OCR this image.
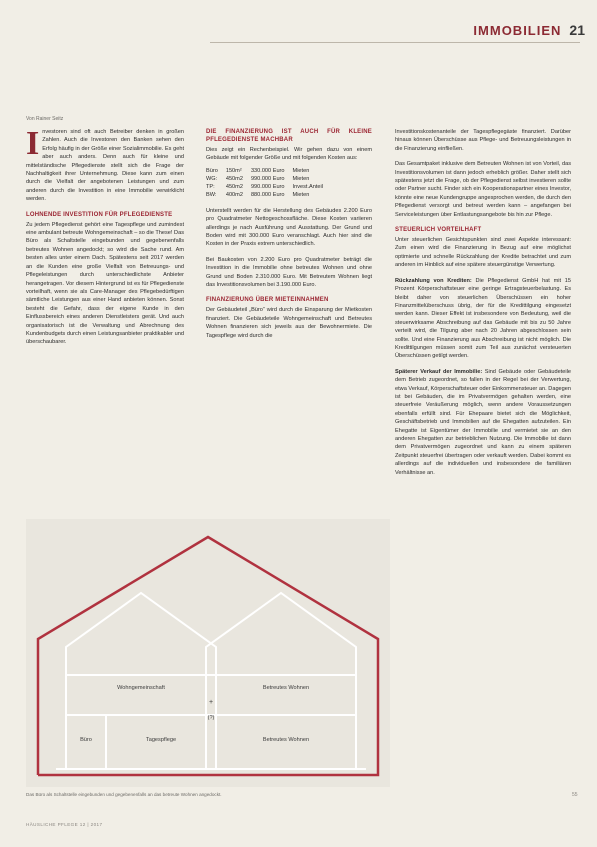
IMMOBILIEN 21
Von Rainer Seitz

I nvestoren sind oft auch Betreiber denken in großen Zahlen. Auch die Investoren den Banken sehen den Erfolg häufig in der Größe einer Sozialimmobilie. Es geht aber auch anders. Denn auch für kleine und mittelständische Pflegedienste stellt sich die Frage der Nachhaltigkeit ihrer Unternehmung. Diese kann zum einen durch die Vielfalt der angebotenen Leistungen und zum anderen durch die Investition in eine Immobilie verwirklicht werden.

LOHNENDE INVESTITION FÜR PFLEGEDIENSTE

Zu jedem Pflegedienst gehört eine Tagespflege und zumindest eine ambulant betreute Wohngemeinschaft – so die These! Das Büro als Schaltstelle eingebunden und gegebenenfalls betreutes Wohnen angedockt; so wird die Sache rund. Am besten alles unter einem Dach. Spätestens seit 2017 werden an die Kunden eine große Vielfalt von Betreuungs- und Pflegeleistungen durch unterschiedlichste Anbieter herangetragen. Vor diesem Hintergrund ist es für Pflegedienste vorteilhaft, wenn sie als Care-Manager des Pflegebedürftigen sämtliche Leistungen aus einer Hand anbieten können. Sonst besteht die Gefahr, dass der eigene Kunde in den Einflussbereich eines anderen Dienstleisters gerät. Und auch organisatorisch ist die Verwaltung und Abrechnung des Kundenbudgets durch einen Leistungsanbieter praktikabler und überschaubarer.

DIE FINANZIERUNG IST AUCH FÜR KLEINE PFLEGEDIENSTE MACHBAR

Dies zeigt ein Rechenbeispiel. Wir gehen dazu von einem Gebäude mit folgender Größe und mit folgenden Kosten aus:

Büro	150m²	330.000 Euro	Mieten
WG:	450m2	990.000 Euro	Mieten
TP:	450m2	990.000 Euro	Invest.Anteil
BW:	400m2	880.000 Euro	Mieten

Unterstellt werden für die Herstellung des Gebäudes 2.200 Euro pro Quadratmeter Nettogeschossfläche. Diese Kosten variieren allerdings je nach Ausführung und Ausstattung. Der Grund und Boden wird mit 300.000 Euro veranschlagt. Auch hier sind die Kosten in der Praxis extrem unterschiedlich.

Bei Baukosten von 2.200 Euro pro Quadratmeter beträgt die Investition in die Immobilie ohne betreutes Wohnen und ohne Grund und Boden 2.310.000 Euro. Mit Betreutem Wohnen liegt das Investitionsvolumen bei 3.190.000 Euro.

FINANZIERUNG ÜBER MIETEINNAHMEN

Der Gebäudeteil „Büro“ wird durch die Einsparung der Mietkosten finanziert. Die Gebäudeteile Wohngemeinschaft und Betreutes Wohnen finanzieren sich jeweils aus der Bewohnermiete. Die Tagespflege wird durch die

Investitionskostenanteile der Tagespflegegäste finanziert. Darüber hinaus können Überschüsse aus Pflege- und Betreuungsleistungen in die Finanzierung einfließen.

Das Gesamtpaket inklusive dem Betreuten Wohnen ist von Vorteil, das Investitionsvolumen ist dann jedoch erheblich größer. Daher stellt sich spätestens jetzt die Frage, ob der Pflegedienst selbst investieren sollte oder Partner sucht. Finder sich ein Kooperationspartner eines Investor, könnte eine neue Kundengruppe angesprochen werden, die durch den Pflegedienst versorgt und betreut werden kann – angefangen bei Serviceleistungen über Entlastungsangebote bis hin zur Pflege.

STEUERLICH VORTEILHAFT

Unter steuerlichen Gesichtspunkten sind zwei Aspekte interessant: Zum einen wird die Finanzierung in Bezug auf eine möglichst optimierte und schnelle Rückzahlung der Kredite betrachtet und zum anderen im Hinblick auf eine spätere steuergünstige Verwertung.

Rückzahlung von Krediten: Die Pflegedienst GmbH hat mit 15 Prozent Körperschaftsteuer eine geringe Ertragsteuerbelastung. Es bleibt daher von steuerlichen Überschüssen ein hoher Finanzmittelüberschuss übrig, der für die Kredittilgung eingesetzt werden kann. Dieser Effekt ist insbesondere von Bedeutung, weil die steuerwirksame Abschreibung auf das Gebäude mit bis zu 50 Jahre verteilt wird, die Tilgung aber nach 20 Jahren abgeschlossen sein sollte. Und eine Finanzierung aus Abschreibung ist nicht möglich. Die Kredittilgungen müssen somit zum Teil aus zunächst versteuerten Überschüssen getilgt werden.

Späterer Verkauf der Immobilie: Sind Gebäude oder Gebäudeteile dem Betrieb zugeordnet, so fallen in der Regel bei der Verwertung, etwa Verkauf, Körperschaftsteuer oder Einkommensteuer an. Dagegen ist bei Gebäuden, die im Privatvermögen gehalten werden, eine steuerfreie Veräußerung möglich, wenn andere Voraussetzungen ebenfalls erfüllt sind. Für Ehepaare bietet sich die Möglichkeit, Geschäftsbetrieb und Immobilien auf die Ehegatten aufzuteilen. Ein Ehegatte ist Eigentümer der Immobilie und vermietet sie an den anderen Ehegatten zur betrieblichen Nutzung. Die Immobilie ist dann dem Privatvermögen zugeordnet und kann zu einem späteren Zeitpunkt steuerfrei übertragen oder verkauft werden. Dabei kommt es allerdings auf die individuellen und insbesondere die familiären Verhältnisse an.

Wohngemeinschaft
Büro	Tagespflege
Betreutes Wohnen
Betreutes Wohnen
+
(?)
Das Büro als Schaltstelle eingebunden und gegebenenfalls an das betreute Wohnen angedockt.	55
HÄUSLICHE PFLEGE 12 | 2017
